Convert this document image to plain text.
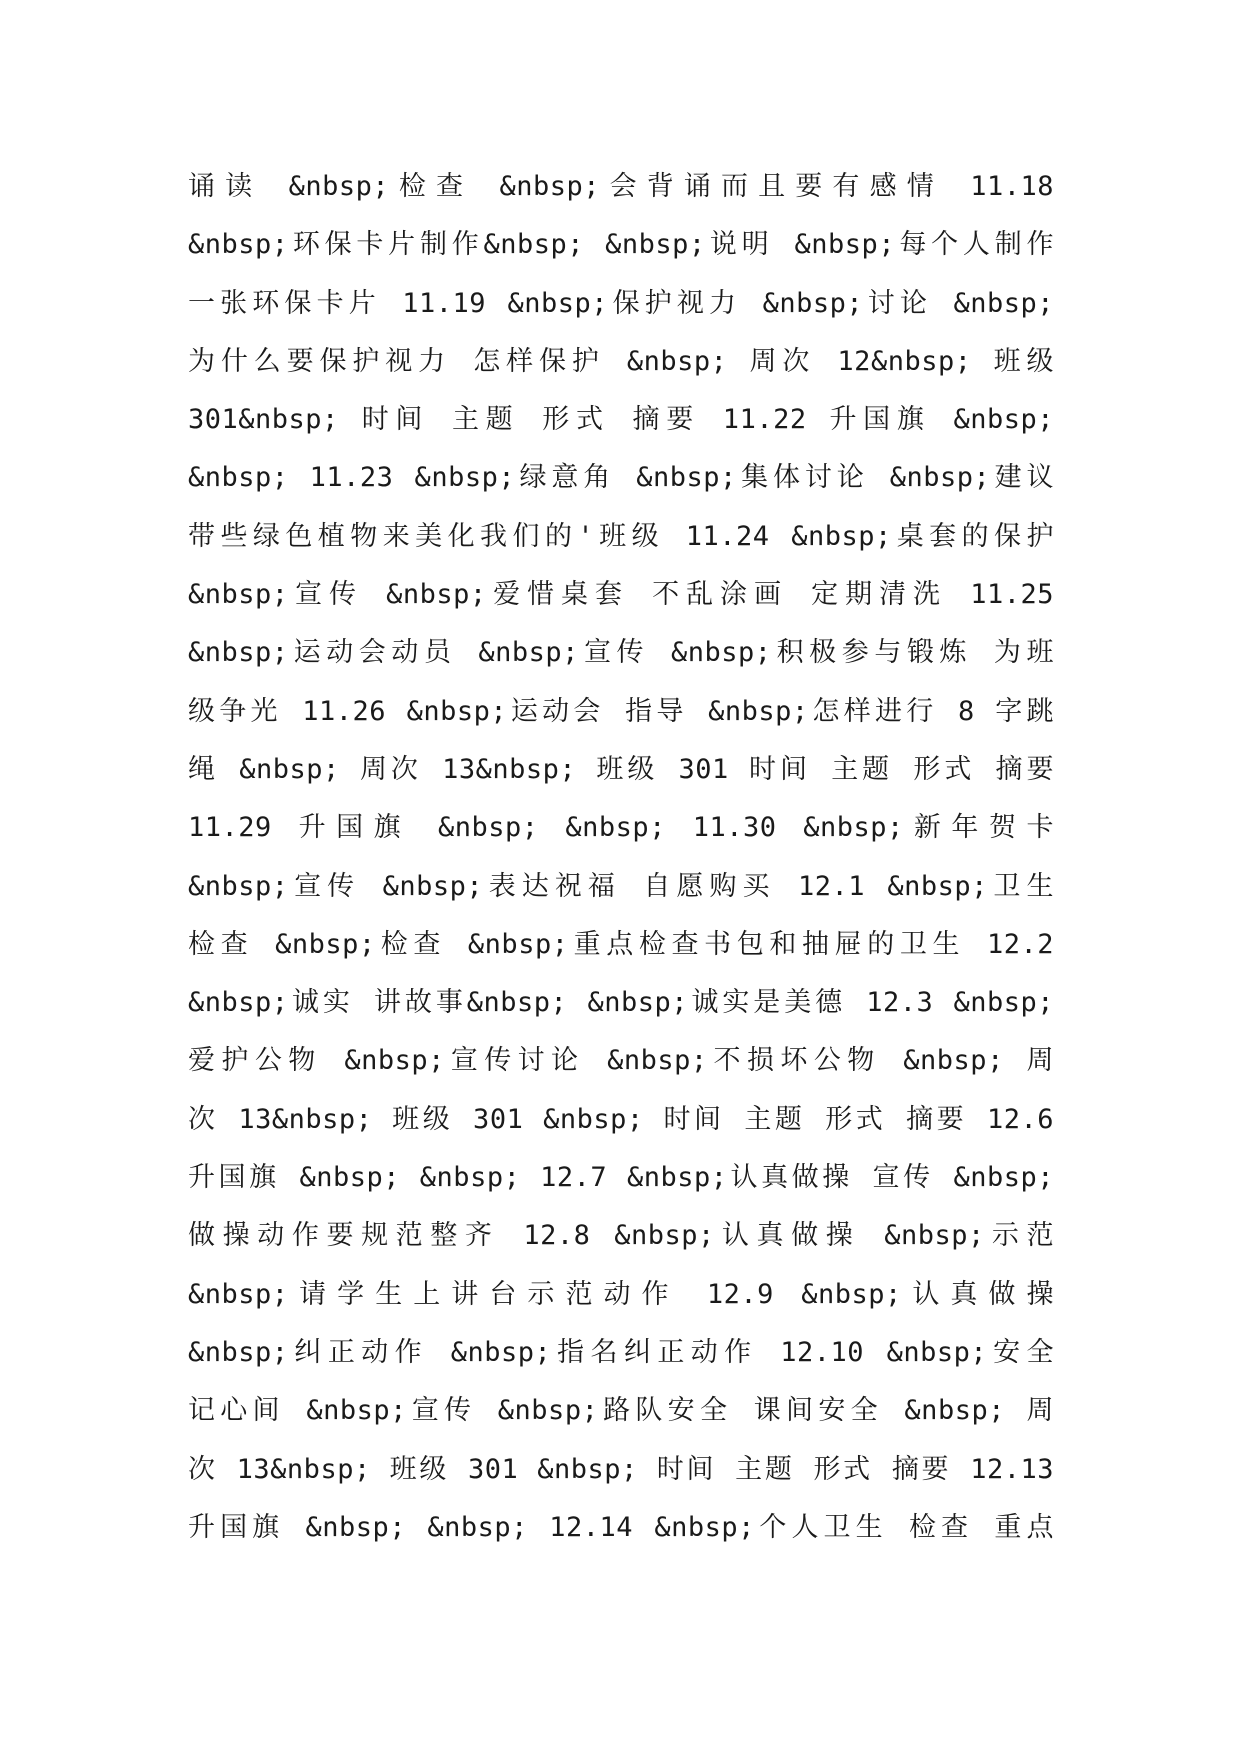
诵读 &nbsp;检查 &nbsp;会背诵而且要有感情 11.18
&nbsp;环保卡片制作&nbsp; &nbsp;说明 &nbsp;每个人制作
一张环保卡片 11.19 &nbsp;保护视力 &nbsp;讨论 &nbsp;
为什么要保护视力 怎样保护 &nbsp; 周次 12&nbsp; 班级
301&nbsp; 时间 主题 形式 摘要 11.22 升国旗 &nbsp;
&nbsp; 11.23 &nbsp;绿意角 &nbsp;集体讨论 &nbsp;建议
带些绿色植物来美化我们的'班级 11.24 &nbsp;桌套的保护
&nbsp;宣传 &nbsp;爱惜桌套 不乱涂画 定期清洗 11.25
&nbsp;运动会动员 &nbsp;宣传 &nbsp;积极参与锻炼 为班
级争光 11.26 &nbsp;运动会 指导 &nbsp;怎样进行 8 字跳
绳 &nbsp; 周次 13&nbsp; 班级 301 时间 主题 形式 摘要
11.29 升国旗 &nbsp; &nbsp; 11.30 &nbsp;新年贺卡
&nbsp;宣传 &nbsp;表达祝福 自愿购买 12.1 &nbsp;卫生
检查 &nbsp;检查 &nbsp;重点检查书包和抽屉的卫生 12.2
&nbsp;诚实 讲故事&nbsp; &nbsp;诚实是美德 12.3 &nbsp;
爱护公物 &nbsp;宣传讨论 &nbsp;不损坏公物 &nbsp; 周
次 13&nbsp; 班级 301 &nbsp; 时间 主题 形式 摘要 12.6
升国旗 &nbsp; &nbsp; 12.7 &nbsp;认真做操 宣传 &nbsp;
做操动作要规范整齐 12.8 &nbsp;认真做操 &nbsp;示范
&nbsp;请学生上讲台示范动作 12.9 &nbsp;认真做操
&nbsp;纠正动作 &nbsp;指名纠正动作 12.10 &nbsp;安全
记心间 &nbsp;宣传 &nbsp;路队安全 课间安全 &nbsp; 周
次 13&nbsp; 班级 301 &nbsp; 时间 主题 形式 摘要 12.13
升国旗 &nbsp; &nbsp; 12.14 &nbsp;个人卫生 检查 重点
